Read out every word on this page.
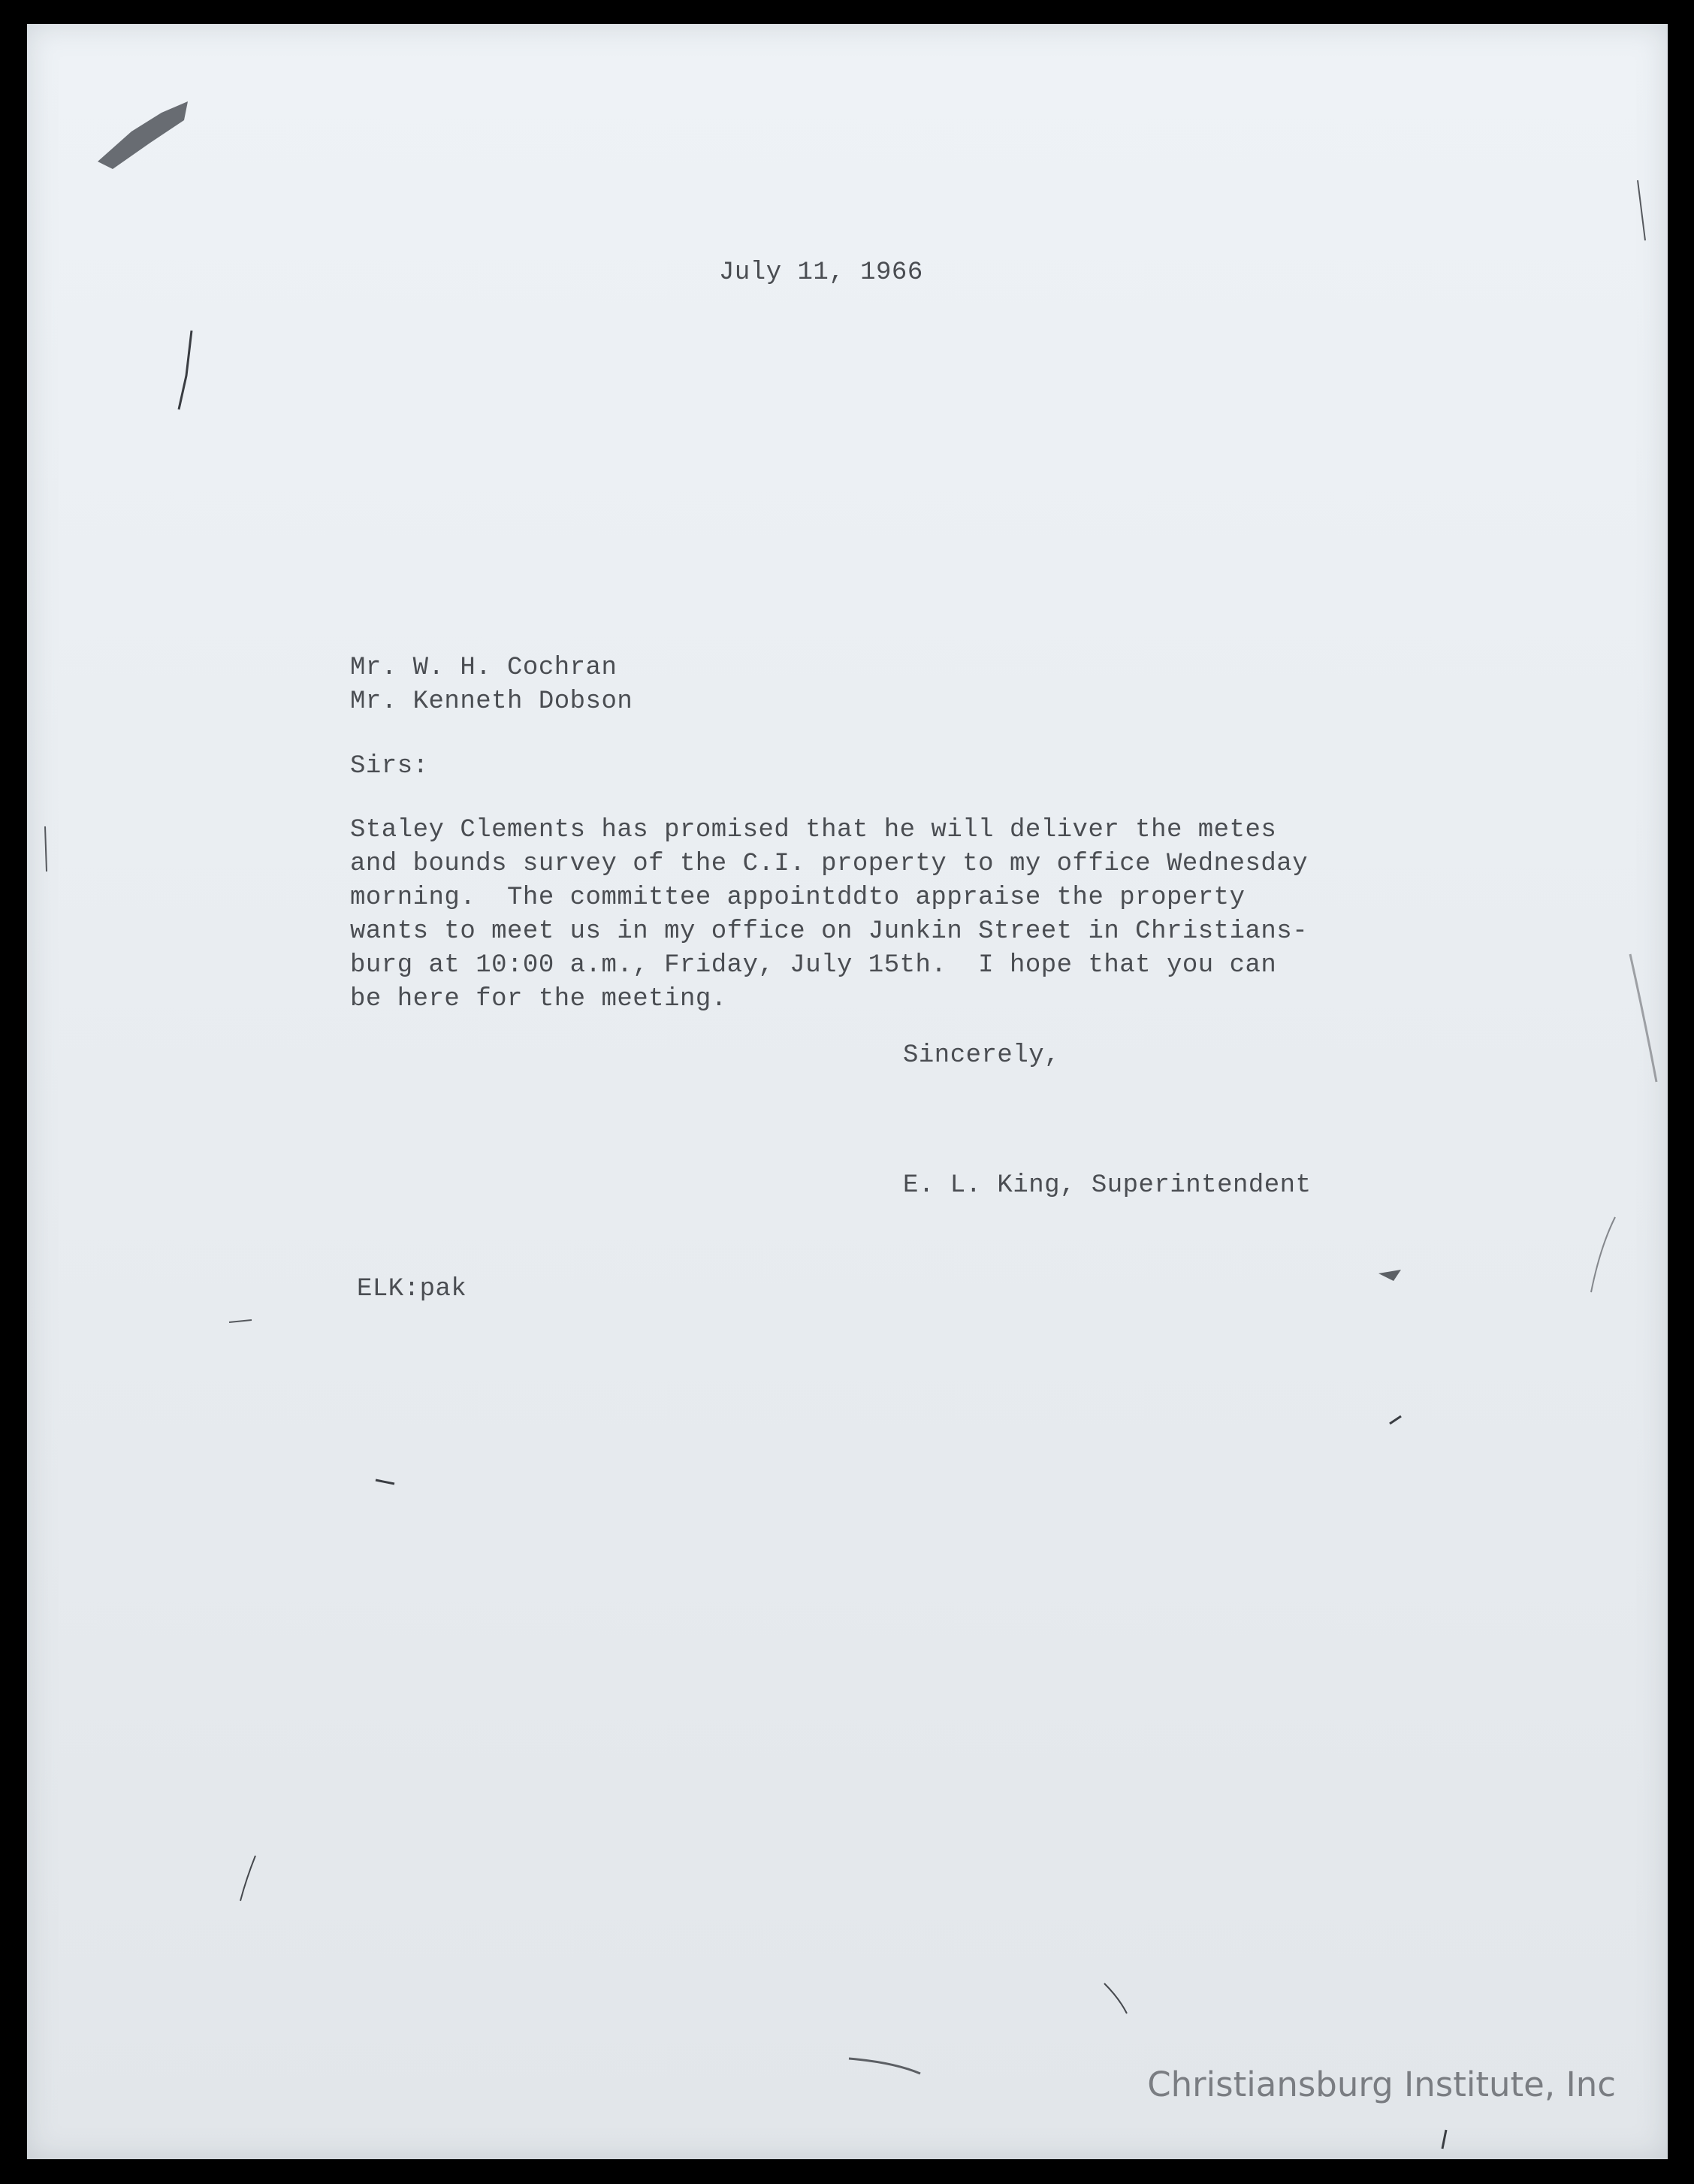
July 11, 1966
Mr. W. H. Cochran
Mr. Kenneth Dobson
Sirs:
Staley Clements has promised that he will deliver the metes
and bounds survey of the C.I. property to my office Wednesday
morning.  The committee appointddto appraise the property
wants to meet us in my office on Junkin Street in Christians-
burg at 10:00 a.m., Friday, July 15th.  I hope that you can
be here for the meeting.
Sincerely,
E. L. King, Superintendent
ELK:pak
Christiansburg Institute, Inc
